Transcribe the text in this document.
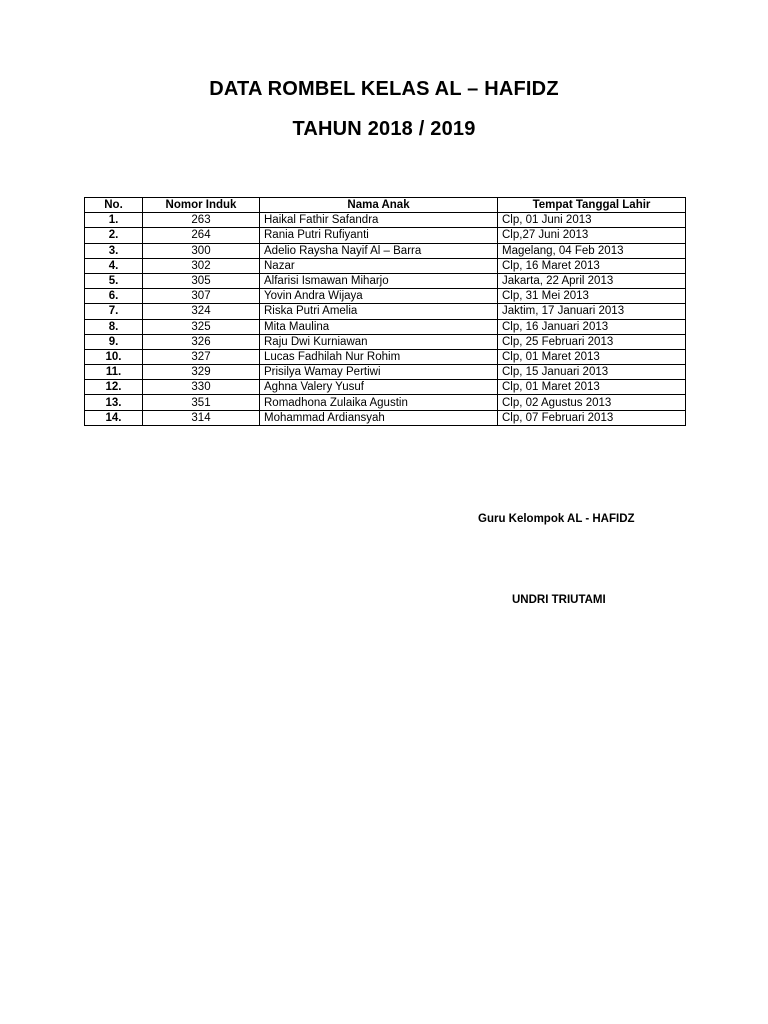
DATA ROMBEL KELAS AL – HAFIDZ
TAHUN 2018 / 2019
No.	Nomor Induk	Nama Anak	Tempat Tanggal Lahir
1.	263	Haikal Fathir Safandra	Clp, 01 Juni 2013
2.	264	Rania Putri Rufiyanti	Clp,27 Juni 2013
3.	300	Adelio Raysha Nayif Al – Barra	Magelang, 04 Feb 2013
4.	302	Nazar	Clp, 16 Maret 2013
5.	305	Alfarisi Ismawan Miharjo	Jakarta, 22 April 2013
6.	307	Yovin Andra Wijaya	Clp, 31 Mei 2013
7.	324	Riska Putri Amelia	Jaktim, 17 Januari 2013
8.	325	Mita Maulina	Clp, 16 Januari 2013
9.	326	Raju Dwi Kurniawan	Clp, 25 Februari 2013
10.	327	Lucas Fadhilah Nur Rohim	Clp, 01 Maret 2013
11.	329	Prisilya Wamay Pertiwi	Clp, 15 Januari 2013
12.	330	Aghna Valery Yusuf	Clp, 01 Maret 2013
13.	351	Romadhona Zulaika Agustin	Clp, 02 Agustus 2013
14.	314	Mohammad Ardiansyah	Clp, 07 Februari 2013
Guru Kelompok AL - HAFIDZ
UNDRI TRIUTAMI
